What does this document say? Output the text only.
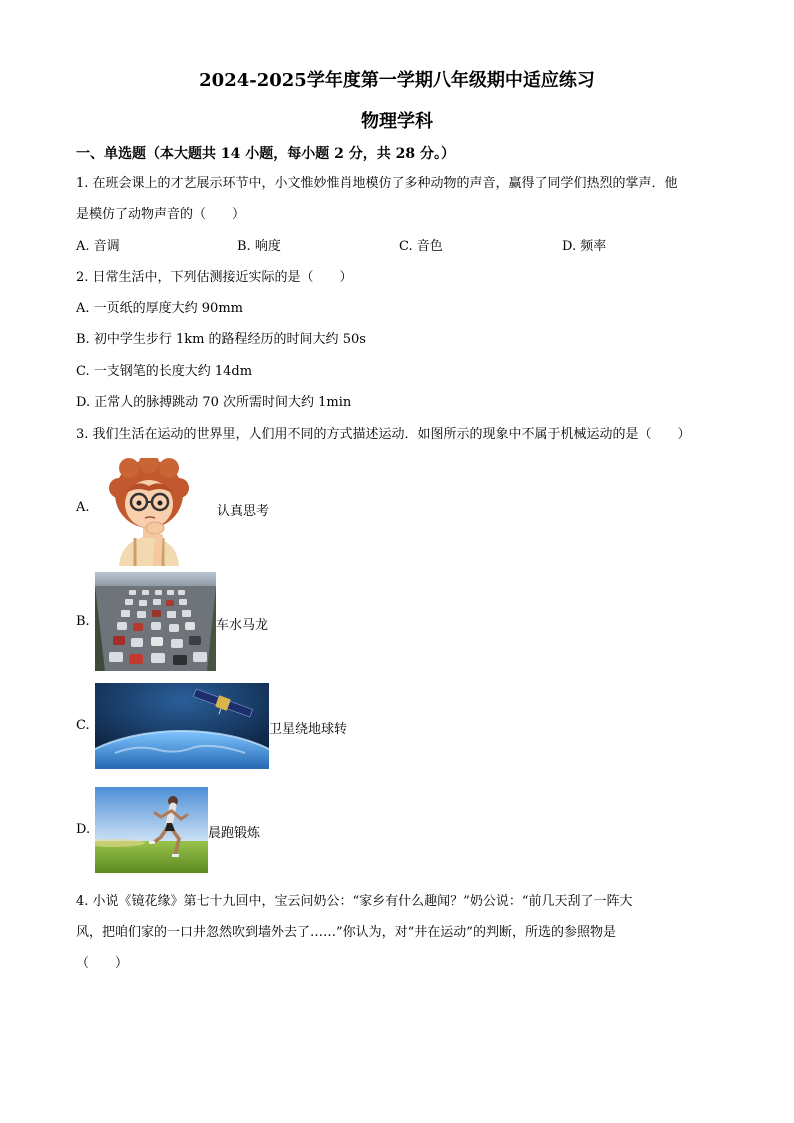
2024-2025学年度第一学期八年级期中适应练习
物理学科
一、单选题（本大题共 14 小题，每小题 2 分，共 28 分。）
1. 在班会课上的才艺展示环节中，小文惟妙惟肖地模仿了多种动物的声音，赢得了同学们热烈的掌声．他
是模仿了动物声音的（　　）
A. 音调	B. 响度	C. 音色	D. 频率
2. 日常生活中，下列估测接近实际的是（　　）
A. 一页纸的厚度大约 90mm
B. 初中学生步行 1km 的路程经历的时间大约 50s
C. 一支钢笔的长度大约 14dm
D. 正常人的脉搏跳动 70 次所需时间大约 1min
3. 我们生活在运动的世界里，人们用不同的方式描述运动．如图所示的现象中不属于机械运动的是（　　）
A.	认真思考
B.	车水马龙
C.	卫星绕地球转
D.	晨跑锻炼
4. 小说《镜花缘》第七十九回中，宝云问奶公：“家乡有什么趣闻？”奶公说：“前几天刮了一阵大
风，把咱们家的一口井忽然吹到墙外去了……”你认为，对“井在运动”的判断，所选的参照物是
（　　）
